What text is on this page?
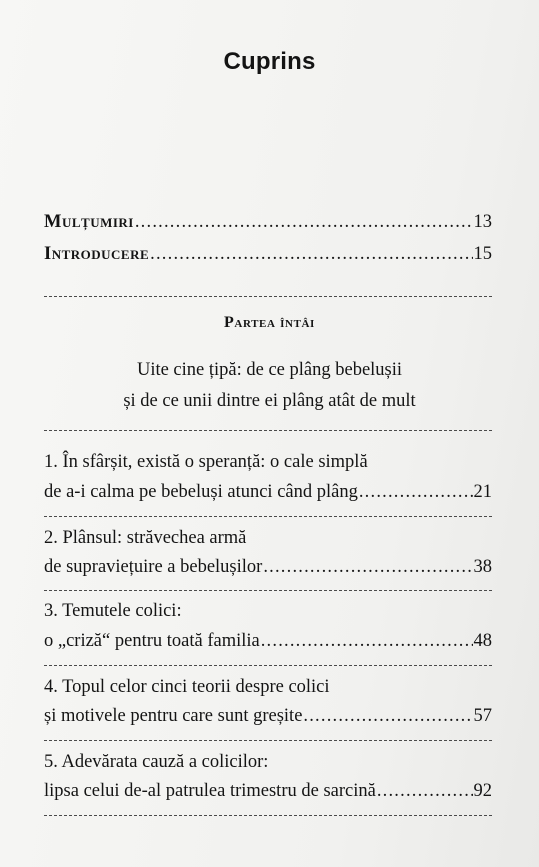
Cuprins
Mulțumiri .....	13
Introducere .....	15
Partea întâi
Uite cine țipă: de ce plâng bebelușii
și de ce unii dintre ei plâng atât de mult
1. În sfârșit, există o speranță: o cale simplă
de a-i calma pe bebeluși atunci când plâng .....	21
2. Plânsul: străvechea armă
de supraviețuire a bebelușilor .....	38
3. Temutele colici:
o „criză“ pentru toată familia .....	48
4. Topul celor cinci teorii despre colici
și motivele pentru care sunt greșite .....	57
5. Adevărata cauză a colicilor:
lipsa celui de-al patrulea trimestru de sarcină .....	92
